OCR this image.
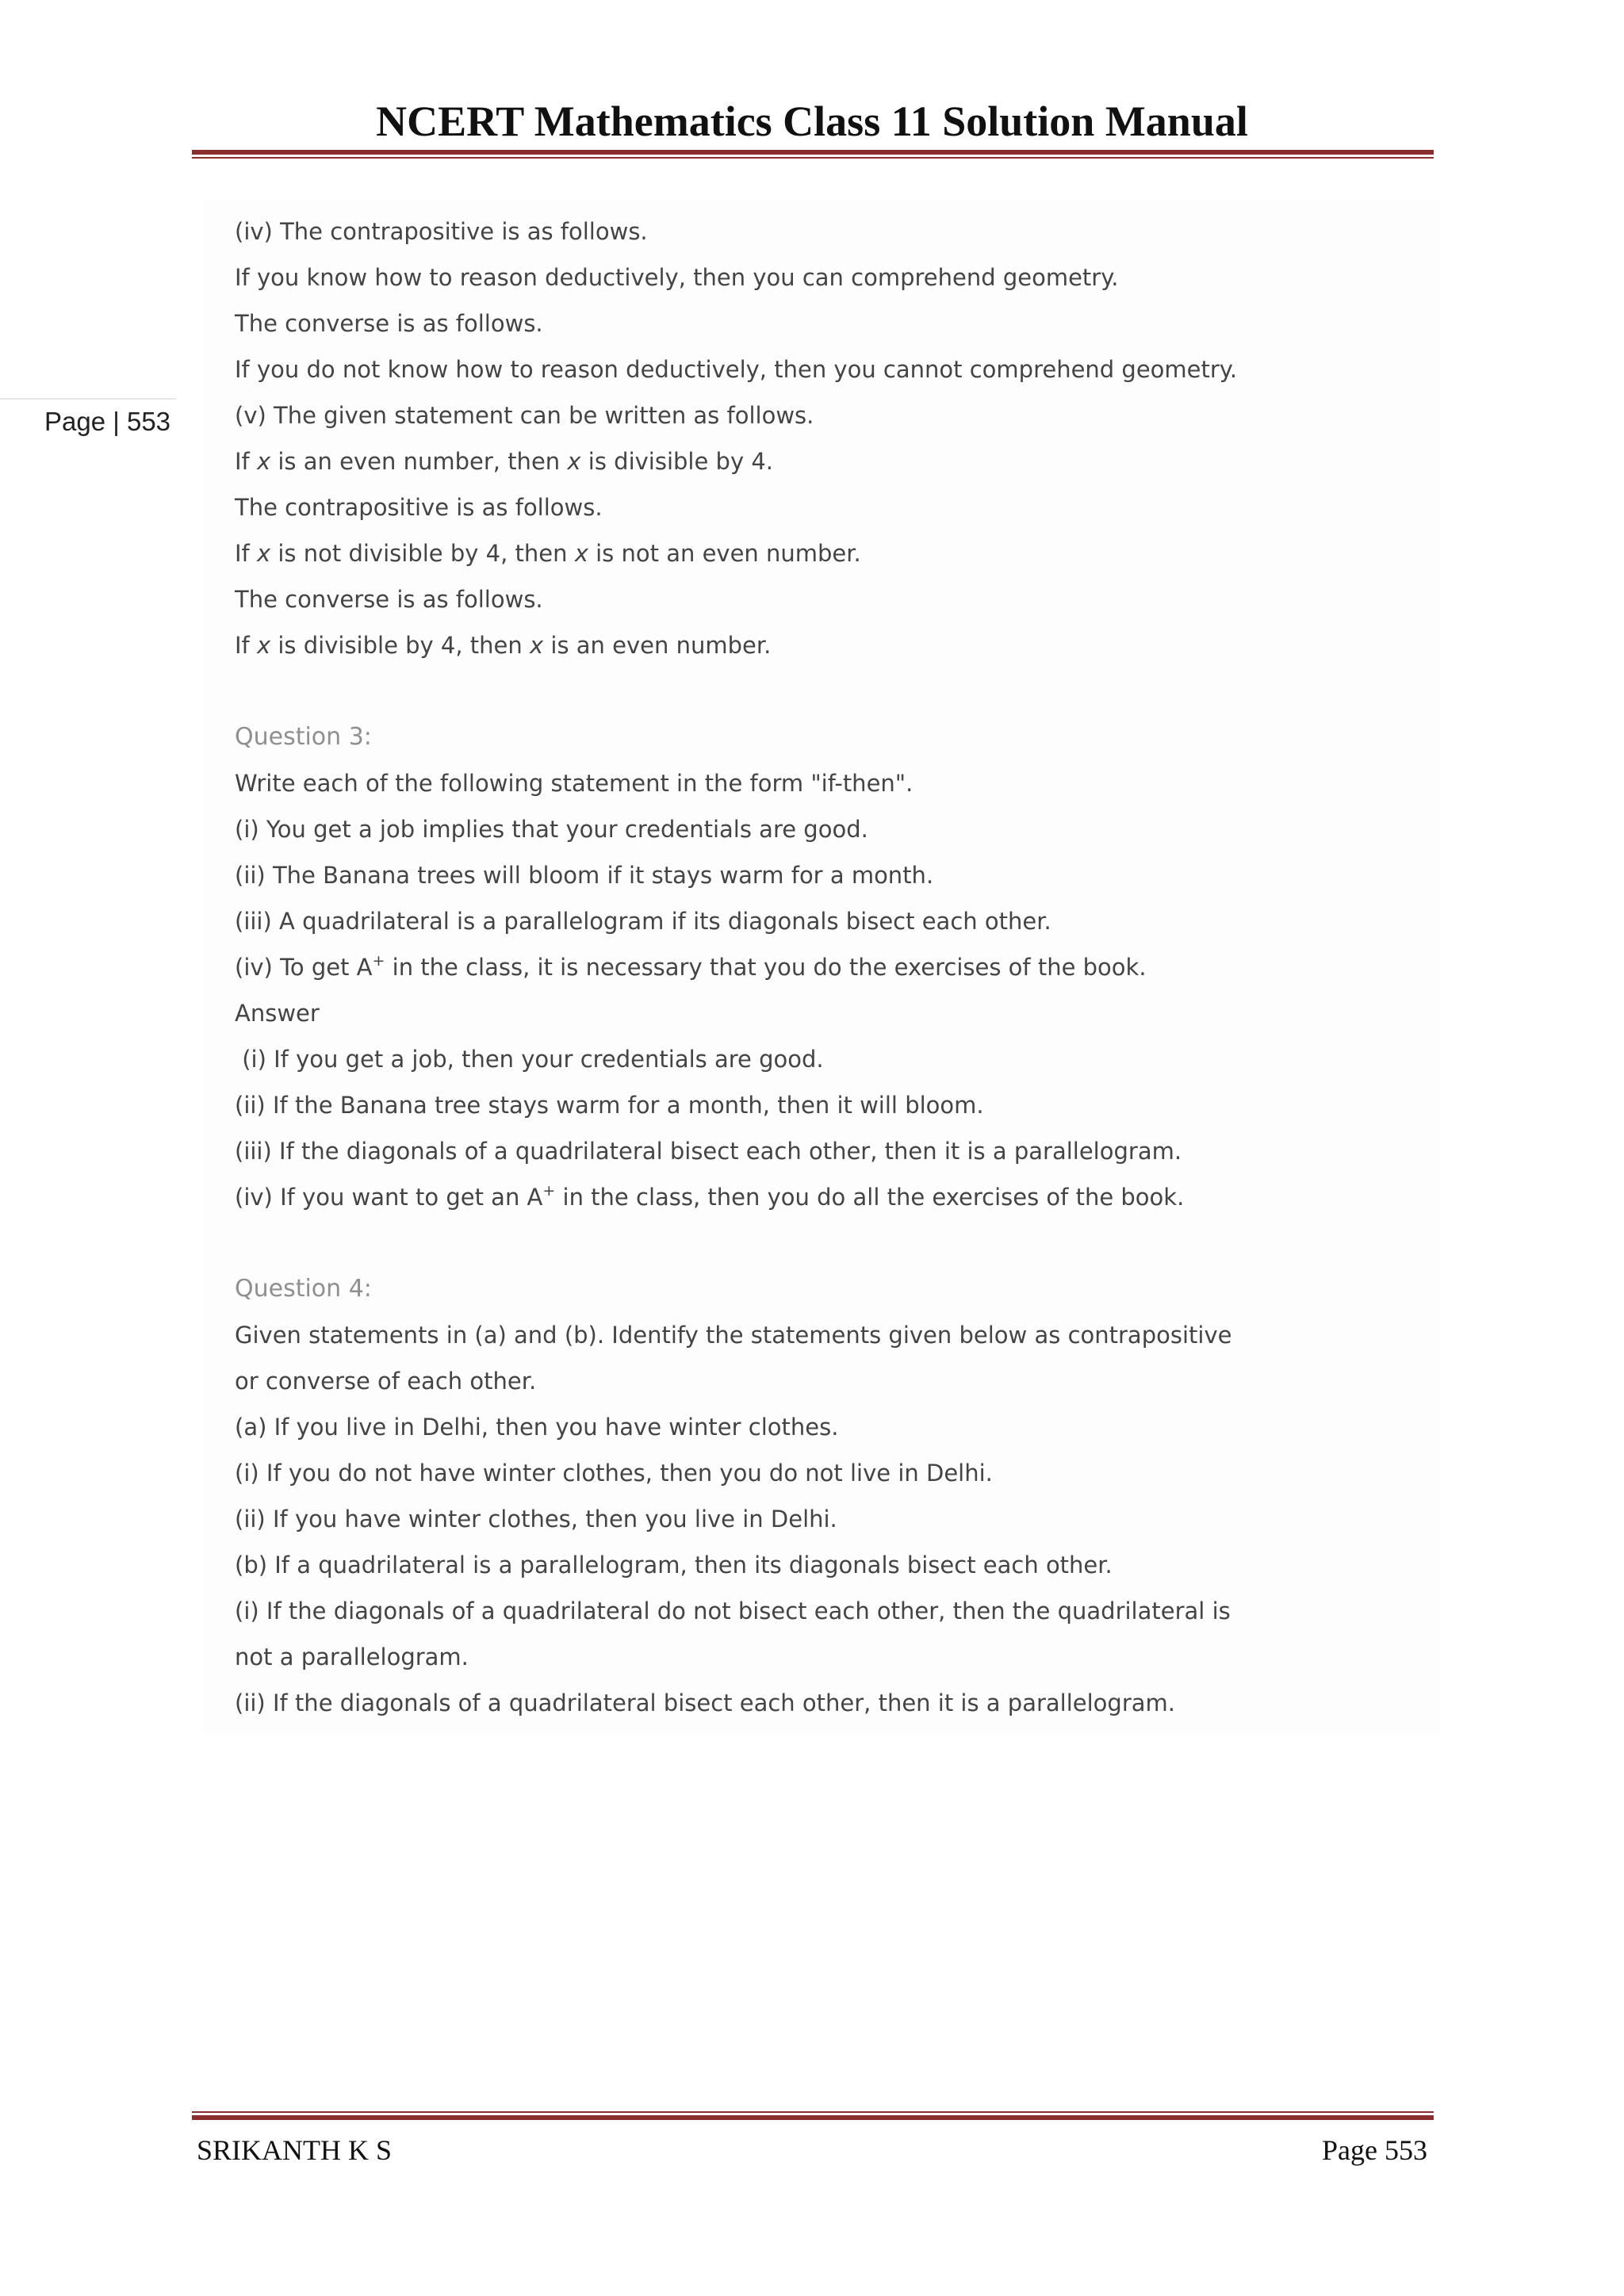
NCERT Mathematics Class 11 Solution Manual
Page | 553
(iv) The contrapositive is as follows.
If you know how to reason deductively, then you can comprehend geometry.
The converse is as follows.
If you do not know how to reason deductively, then you cannot comprehend geometry.
(v) The given statement can be written as follows.
If x is an even number, then x is divisible by 4.
The contrapositive is as follows.
If x is not divisible by 4, then x is not an even number.
The converse is as follows.
If x is divisible by 4, then x is an even number.
Question 3:
Write each of the following statement in the form "if-then".
(i) You get a job implies that your credentials are good.
(ii) The Banana trees will bloom if it stays warm for a month.
(iii) A quadrilateral is a parallelogram if its diagonals bisect each other.
(iv) To get A+ in the class, it is necessary that you do the exercises of the book.
Answer
(i) If you get a job, then your credentials are good.
(ii) If the Banana tree stays warm for a month, then it will bloom.
(iii) If the diagonals of a quadrilateral bisect each other, then it is a parallelogram.
(iv) If you want to get an A+ in the class, then you do all the exercises of the book.
Question 4:
Given statements in (a) and (b). Identify the statements given below as contrapositive
or converse of each other.
(a) If you live in Delhi, then you have winter clothes.
(i) If you do not have winter clothes, then you do not live in Delhi.
(ii) If you have winter clothes, then you live in Delhi.
(b) If a quadrilateral is a parallelogram, then its diagonals bisect each other.
(i) If the diagonals of a quadrilateral do not bisect each other, then the quadrilateral is
not a parallelogram.
(ii) If the diagonals of a quadrilateral bisect each other, then it is a parallelogram.
SRIKANTH K S	Page 553
